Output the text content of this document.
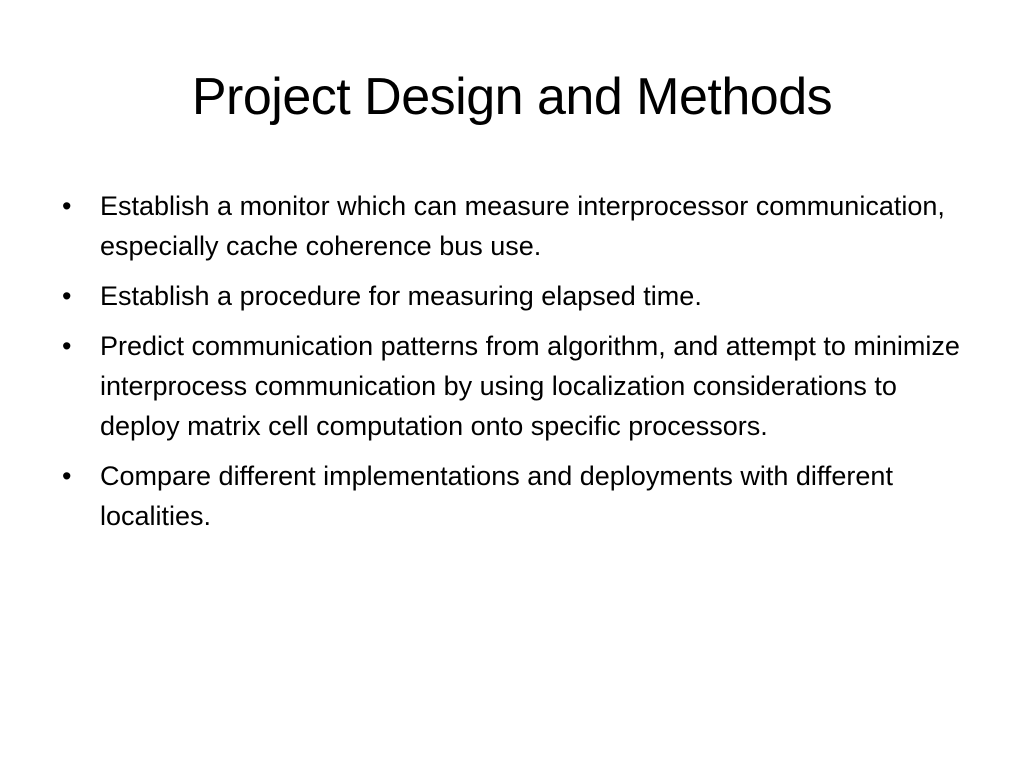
Project Design and Methods
•	Establish a monitor which can measure interprocessor communication, especially cache coherence bus use.
•	Establish a procedure for measuring elapsed time.
•	Predict communication patterns from algorithm, and attempt to minimize interprocess communication by using localization considerations to deploy matrix cell computation onto specific processors.
•	Compare different implementations and deployments with different localities.
